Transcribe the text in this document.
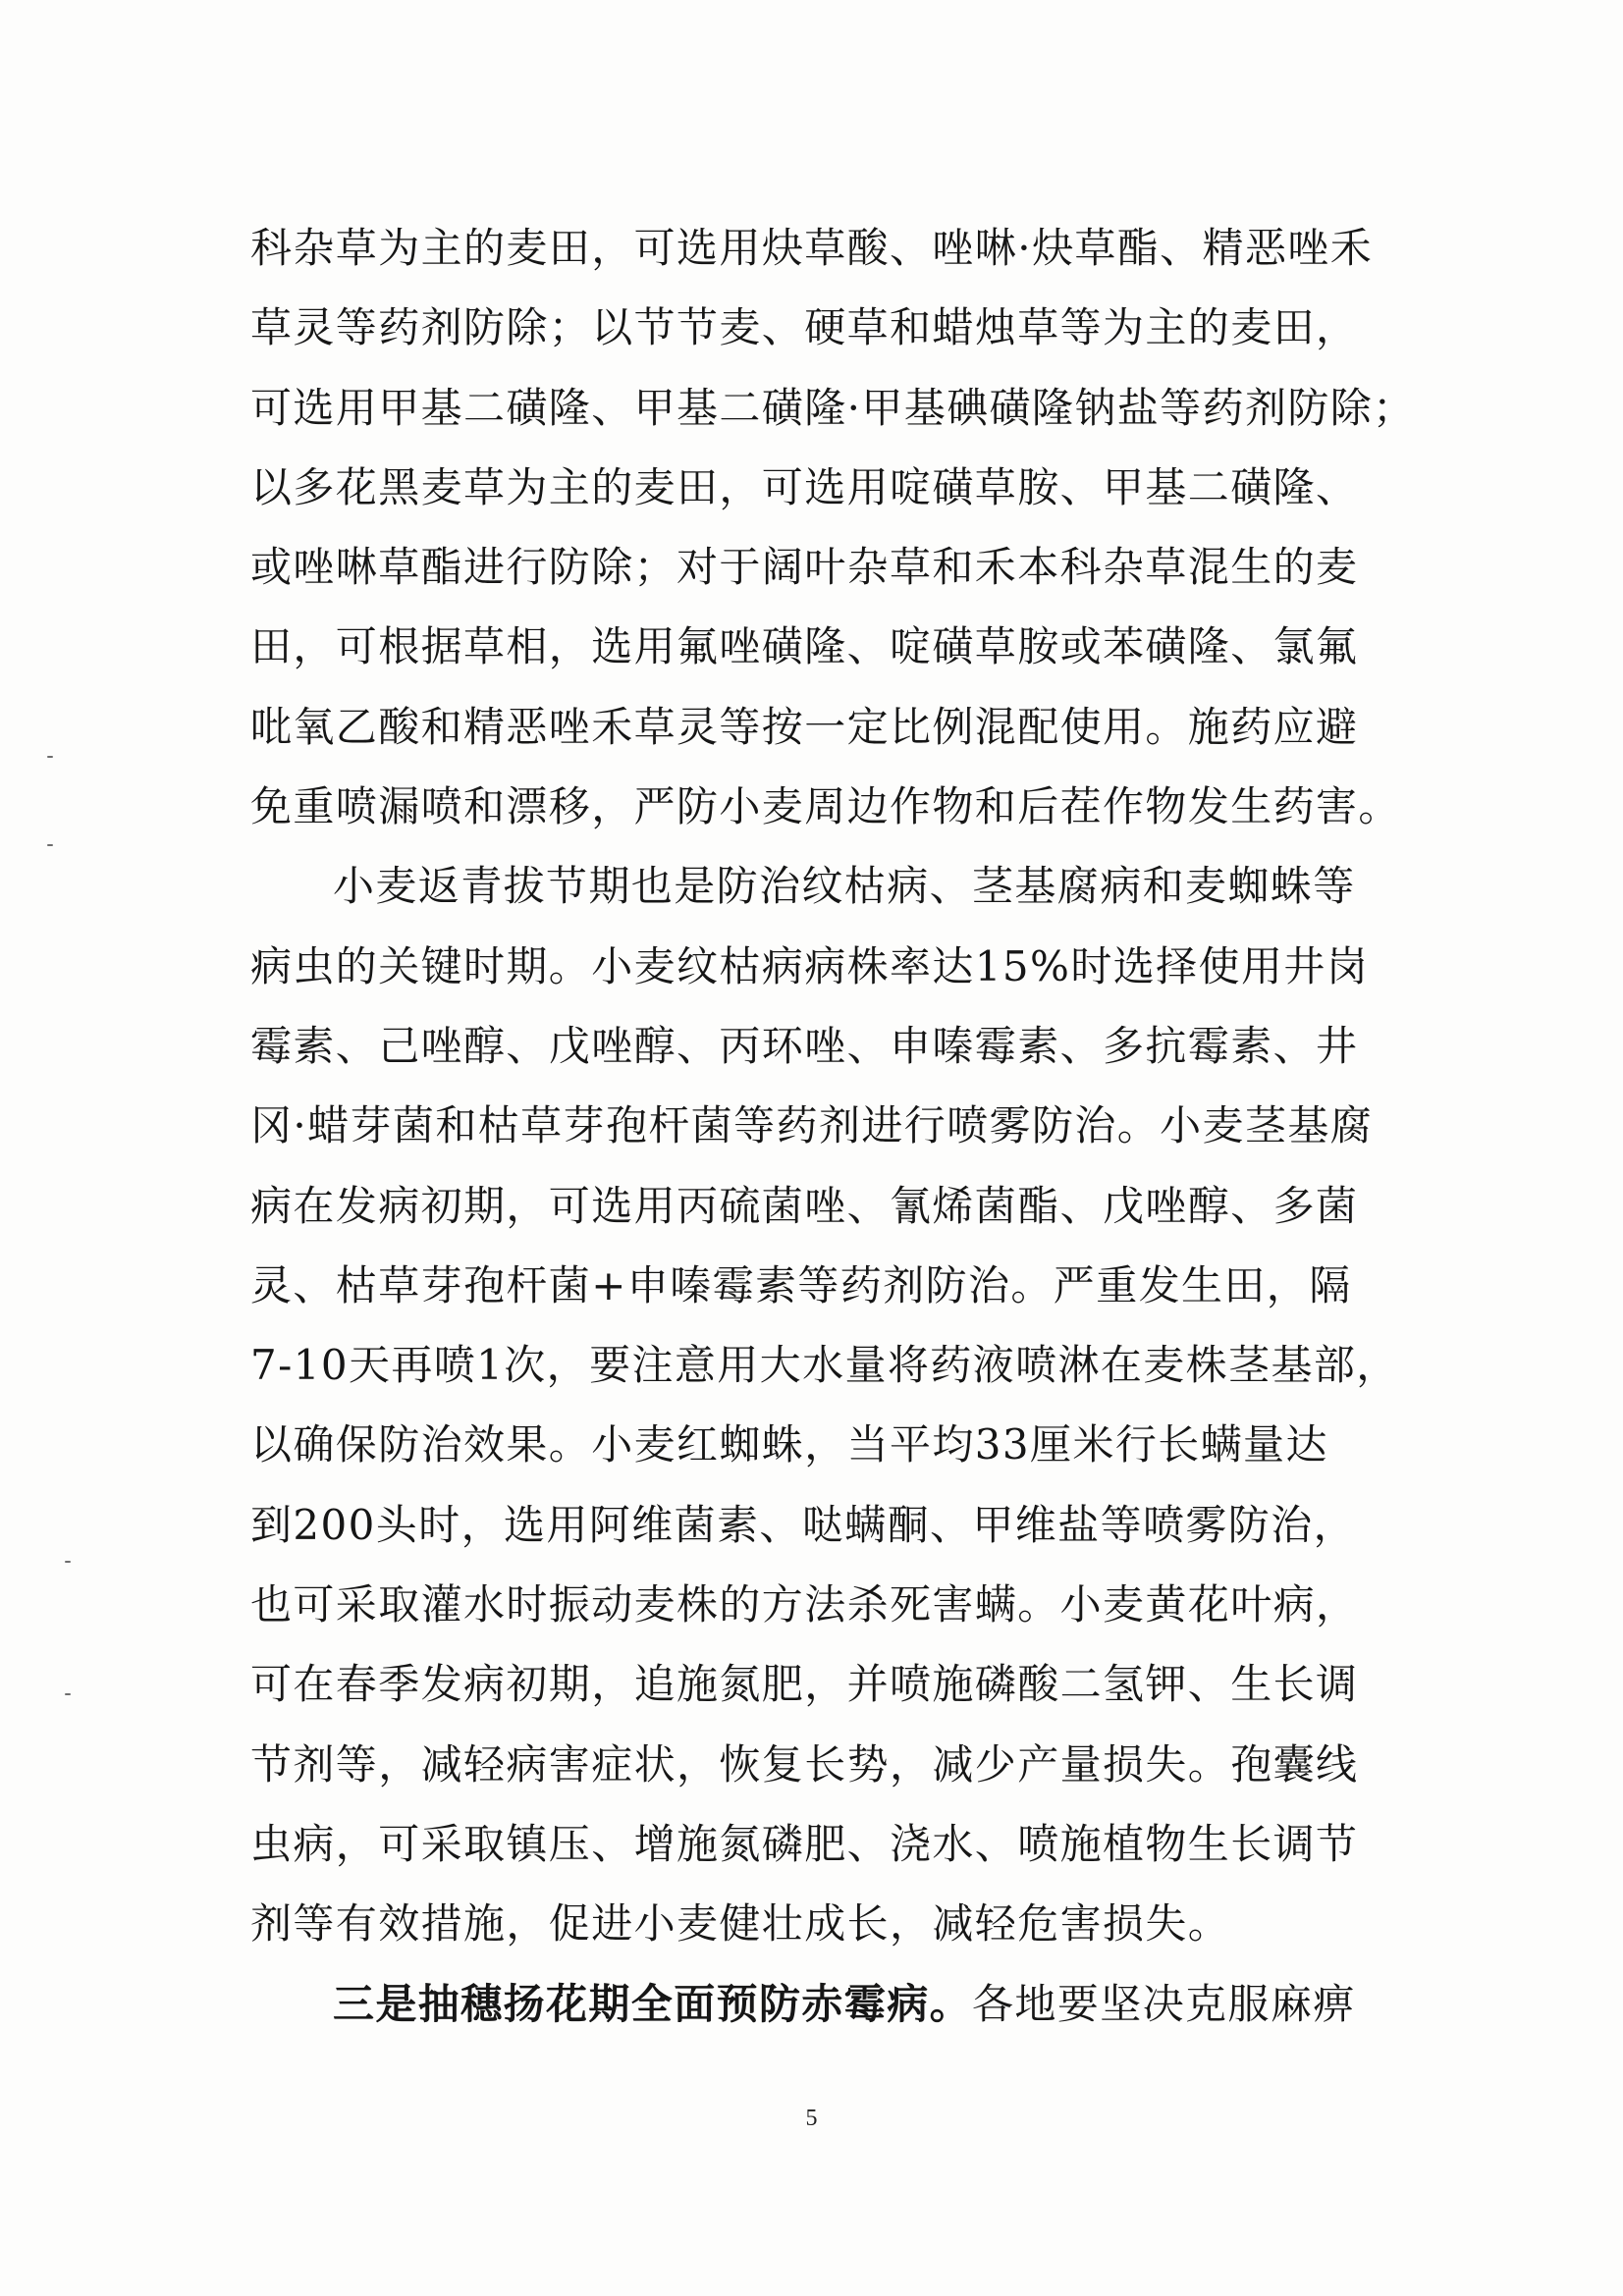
科杂草为主的麦田，可选用炔草酸、唑啉·炔草酯、精恶唑禾
草灵等药剂防除；以节节麦、硬草和蜡烛草等为主的麦田，
可选用甲基二磺隆、甲基二磺隆·甲基碘磺隆钠盐等药剂防除；
以多花黑麦草为主的麦田，可选用啶磺草胺、甲基二磺隆、
或唑啉草酯进行防除；对于阔叶杂草和禾本科杂草混生的麦
田，可根据草相，选用氟唑磺隆、啶磺草胺或苯磺隆、氯氟
吡氧乙酸和精恶唑禾草灵等按一定比例混配使用。施药应避
免重喷漏喷和漂移，严防小麦周边作物和后茬作物发生药害。
小麦返青拔节期也是防治纹枯病、茎基腐病和麦蜘蛛等
病虫的关键时期。小麦纹枯病病株率达15%时选择使用井岗
霉素、己唑醇、戊唑醇、丙环唑、申嗪霉素、多抗霉素、井
冈·蜡芽菌和枯草芽孢杆菌等药剂进行喷雾防治。小麦茎基腐
病在发病初期，可选用丙硫菌唑、氰烯菌酯、戊唑醇、多菌
灵、枯草芽孢杆菌+申嗪霉素等药剂防治。严重发生田，隔
7-10天再喷1次，要注意用大水量将药液喷淋在麦株茎基部，
以确保防治效果。小麦红蜘蛛，当平均33厘米行长螨量达
到200头时，选用阿维菌素、哒螨酮、甲维盐等喷雾防治，
也可采取灌水时振动麦株的方法杀死害螨。小麦黄花叶病，
可在春季发病初期，追施氮肥，并喷施磷酸二氢钾、生长调
节剂等，减轻病害症状，恢复长势，减少产量损失。孢囊线
虫病，可采取镇压、增施氮磷肥、浇水、喷施植物生长调节
剂等有效措施，促进小麦健壮成长，减轻危害损失。
三是抽穗扬花期全面预防赤霉病。各地要坚决克服麻痹
5
